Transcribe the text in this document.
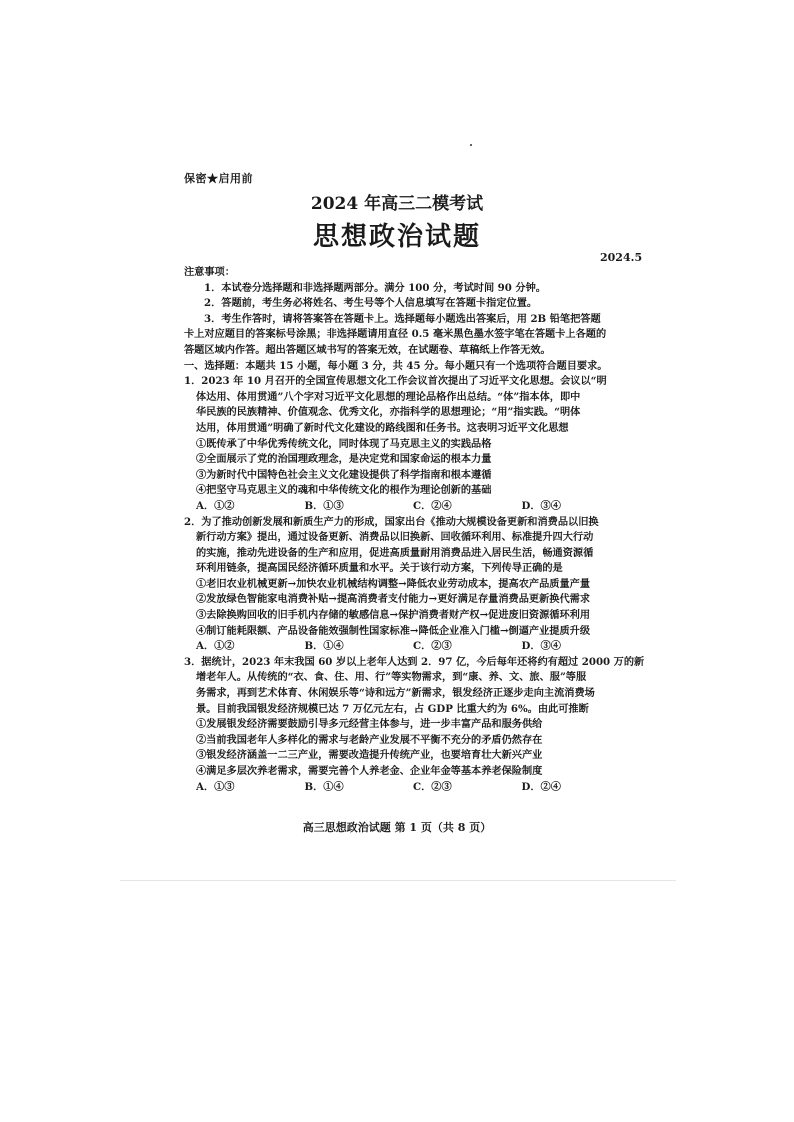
保密★启用前
2024 年高三二模考试
思想政治试题
2024.5
注意事项：
1．本试卷分选择题和非选择题两部分。满分 100 分，考试时间 90 分钟。
2．答题前，考生务必将姓名、考生号等个人信息填写在答题卡指定位置。
3．考生作答时，请将答案答在答题卡上。选择题每小题选出答案后，用 2B 铅笔把答题
卡上对应题目的答案标号涂黑；非选择题请用直径 0.5 毫米黑色墨水签字笔在答题卡上各题的
答题区域内作答。超出答题区域书写的答案无效，在试题卷、草稿纸上作答无效。
一、选择题：本题共 15 小题，每小题 3 分，共 45 分。每小题只有一个选项符合题目要求。
1．2023 年 10 月召开的全国宣传思想文化工作会议首次提出了习近平文化思想。会议以“明
体达用、体用贯通”八个字对习近平文化思想的理论品格作出总结。“体”指本体，即中
华民族的民族精神、价值观念、优秀文化，亦指科学的思想理论；“用”指实践。“明体
达用，体用贯通”明确了新时代文化建设的路线图和任务书。这表明习近平文化思想
①既传承了中华优秀传统文化，同时体现了马克思主义的实践品格
②全面展示了党的治国理政理念，是决定党和国家命运的根本力量
③为新时代中国特色社会主义文化建设提供了科学指南和根本遵循
④把坚守马克思主义的魂和中华传统文化的根作为理论创新的基础
A．①②	B．①③	C．②④	D．③④
2．为了推动创新发展和新质生产力的形成，国家出台《推动大规模设备更新和消费品以旧换
新行动方案》提出，通过设备更新、消费品以旧换新、回收循环利用、标准提升四大行动
的实施，推动先进设备的生产和应用，促进高质量耐用消费品进入居民生活，畅通资源循
环利用链条，提高国民经济循环质量和水平。关于该行动方案，下列传导正确的是
①老旧农业机械更新→加快农业机械结构调整→降低农业劳动成本，提高农产品质量产量
②发放绿色智能家电消费补贴→提高消费者支付能力→更好满足存量消费品更新换代需求
③去除换购回收的旧手机内存储的敏感信息→保护消费者财产权→促进废旧资源循环利用
④制订能耗限额、产品设备能效强制性国家标准→降低企业准入门槛→倒逼产业提质升级
A．①②	B．①④	C．②③	D．③④
3．据统计，2023 年末我国 60 岁以上老年人达到 2．97 亿，今后每年还将约有超过 2000 万的新
增老年人。从传统的“衣、食、住、用、行”等实物需求，到“康、养、文、旅、服”等服
务需求，再到艺术体育、休闲娱乐等“诗和远方”新需求，银发经济正逐步走向主流消费场
景。目前我国银发经济规模已达 7 万亿元左右，占 GDP 比重大约为 6%。由此可推断
①发展银发经济需要鼓励引导多元经营主体参与，进一步丰富产品和服务供给
②当前我国老年人多样化的需求与老龄产业发展不平衡不充分的矛盾仍然存在
③银发经济涵盖一二三产业，需要改造提升传统产业，也要培育壮大新兴产业
④满足多层次养老需求，需要完善个人养老金、企业年金等基本养老保险制度
A．①③	B．①④	C．②③	D．②④
高三思想政治试题 第 1 页（共 8 页）
